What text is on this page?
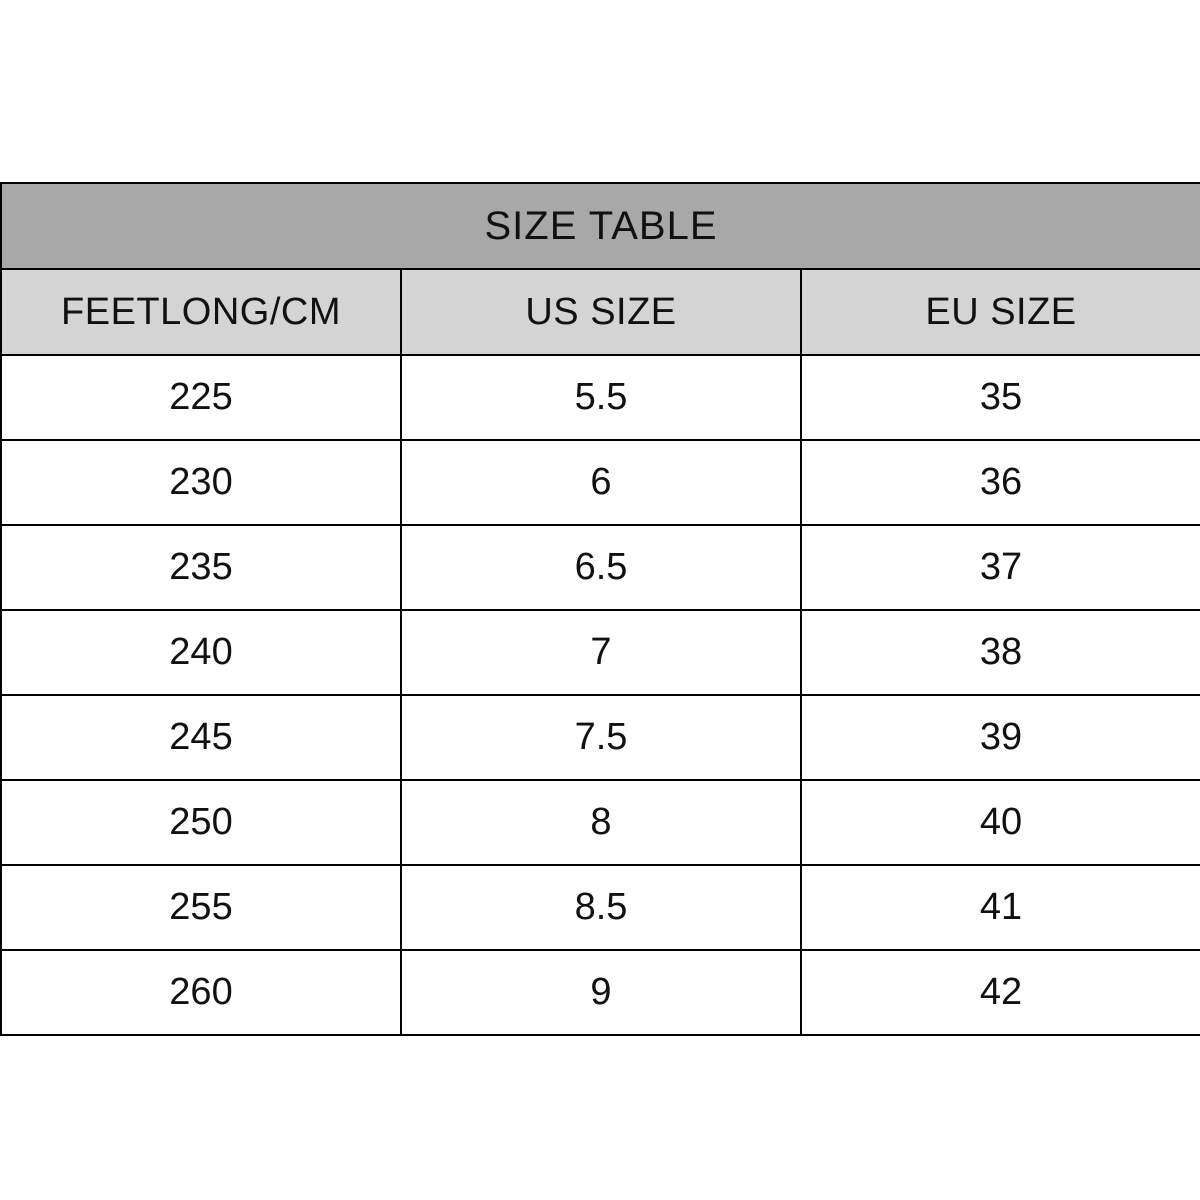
SIZE TABLE		
FEETLONG/CM	US SIZE	EU SIZE
225	5.5	35
230	6	36
235	6.5	37
240	7	38
245	7.5	39
250	8	40
255	8.5	41
260	9	42
